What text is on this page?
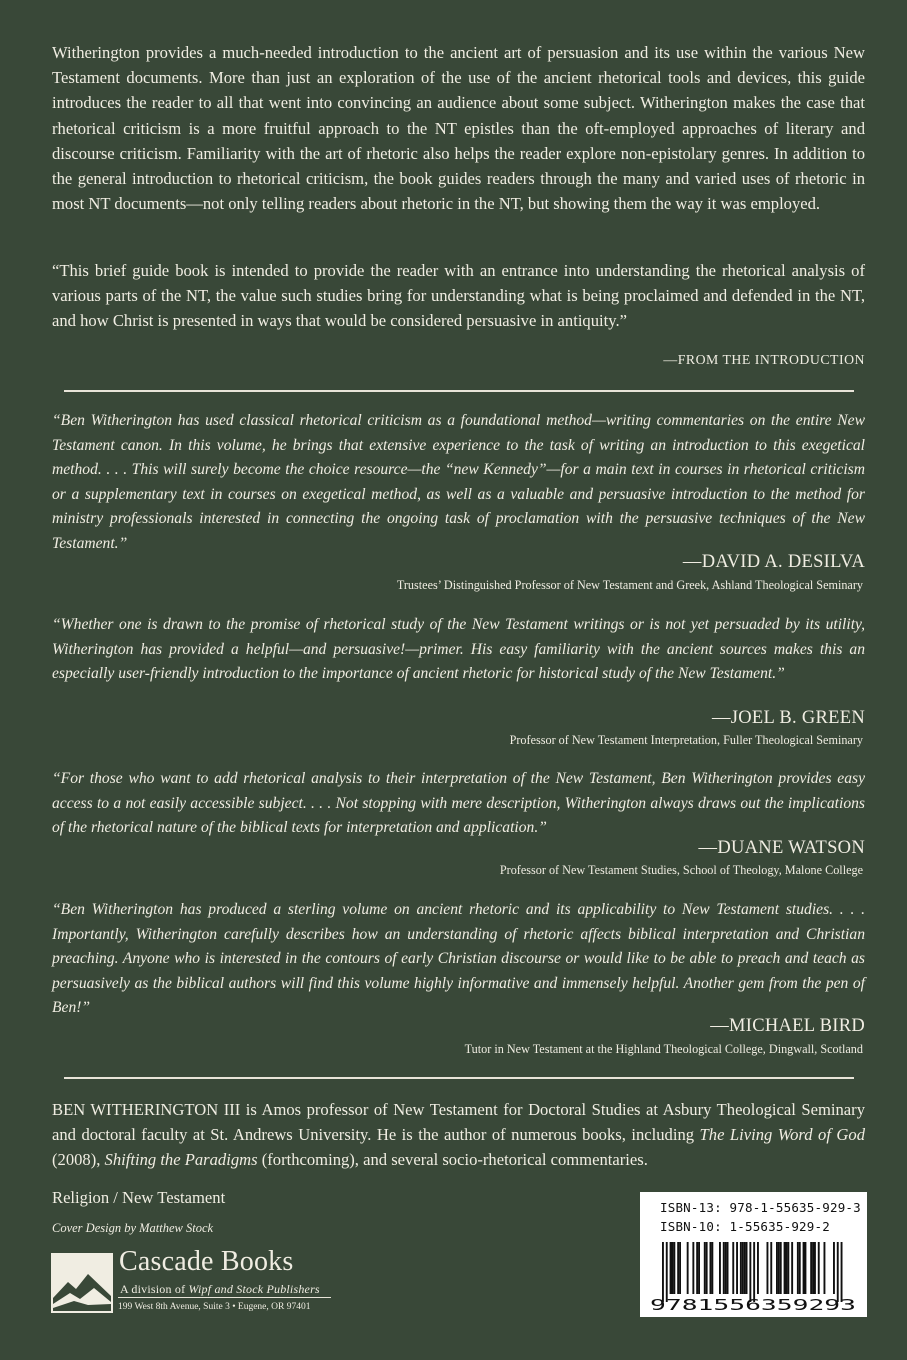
Witherington provides a much-needed introduction to the ancient art of persuasion and its use within the various New Testament documents. More than just an exploration of the use of the ancient rhetorical tools and devices, this guide introduces the reader to all that went into convincing an audience about some subject. Witherington makes the case that rhetorical criticism is a more fruitful approach to the NT epistles than the oft-employed approaches of literary and discourse criticism. Familiarity with the art of rhetoric also helps the reader explore non-epistolary genres. In addition to the general introduction to rhetorical criticism, the book guides readers through the many and varied uses of rhetoric in most NT documents—not only telling readers about rhetoric in the NT, but showing them the way it was employed.

“This brief guide book is intended to provide the reader with an entrance into understanding the rhetorical analysis of various parts of the NT, the value such studies bring for understanding what is being proclaimed and defended in the NT, and how Christ is presented in ways that would be considered persuasive in antiquity.”

—FROM THE INTRODUCTION

“Ben Witherington has used classical rhetorical criticism as a foundational method—writing commentaries on the entire New Testament canon. In this volume, he brings that extensive experience to the task of writing an introduction to this exegetical method. . . . This will surely become the choice resource—the “new Kennedy”—for a main text in courses in rhetorical criticism or a supplementary text in courses on exegetical method, as well as a valuable and persuasive introduction to the method for ministry professionals interested in connecting the ongoing task of proclamation with the persuasive techniques of the New Testament.”

—DAVID A. DESILVA
Trustees’ Distinguished Professor of New Testament and Greek, Ashland Theological Seminary

“Whether one is drawn to the promise of rhetorical study of the New Testament writings or is not yet persuaded by its utility, Witherington has provided a helpful—and persuasive!—primer. His easy familiarity with the ancient sources makes this an especially user-friendly introduction to the importance of ancient rhetoric for historical study of the New Testament.”

—JOEL B. GREEN
Professor of New Testament Interpretation, Fuller Theological Seminary

“For those who want to add rhetorical analysis to their interpretation of the New Testament, Ben Witherington provides easy access to a not easily accessible subject. . . . Not stopping with mere description, Witherington always draws out the implications of the rhetorical nature of the biblical texts for interpretation and application.”

—DUANE WATSON
Professor of New Testament Studies, School of Theology, Malone College

“Ben Witherington has produced a sterling volume on ancient rhetoric and its applicability to New Testament studies. . . . Importantly, Witherington carefully describes how an understanding of rhetoric affects biblical interpretation and Christian preaching. Anyone who is interested in the contours of early Christian discourse or would like to be able to preach and teach as persuasively as the biblical authors will find this volume highly informative and immensely helpful. Another gem from the pen of Ben!”

—MICHAEL BIRD
Tutor in New Testament at the Highland Theological College, Dingwall, Scotland

BEN WITHERINGTON III is Amos professor of New Testament for Doctoral Studies at Asbury Theological Seminary and doctoral faculty at St. Andrews University. He is the author of numerous books, including The Living Word of God (2008), Shifting the Paradigms (forthcoming), and several socio-rhetorical commentaries.

Religion / New Testament
Cover Design by Matthew Stock
Cascade Books
A division of Wipf and Stock Publishers
199 West 8th Avenue, Suite 3 • Eugene, OR 97401
ISBN-13: 978-1-55635-929-3
ISBN-10: 1-55635-929-2
9781556359293
